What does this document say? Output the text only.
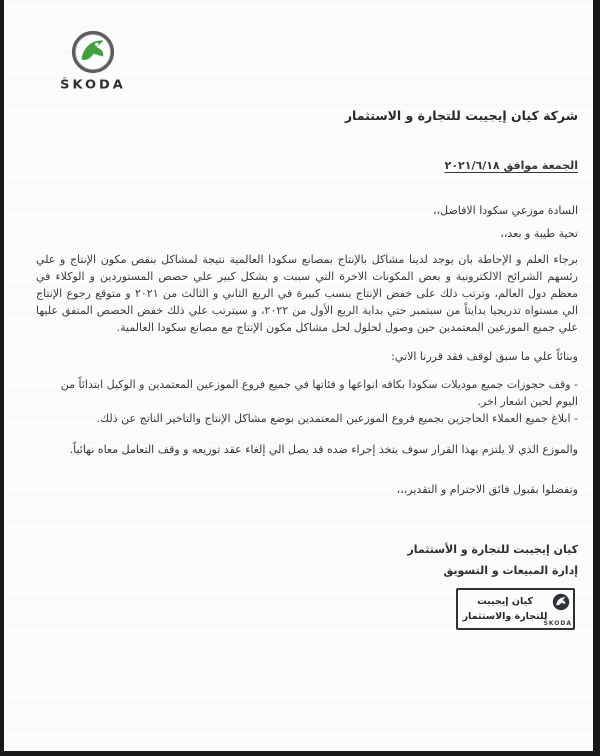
ŠKODA
شركة كيان إيجيبت للتجارة و الاستثمار
الجمعة موافق ٢٠٢١/٦/١٨
السادة موزعي سكودا الافاضل،،
تحية طيبة و بعد،،
برجاء العلم و الإحاطة بان يوجد لدينا مشاكل بالإنتاج بمصانع سكودا العالمية نتيجة لمشاكل بنقص مكون الإنتاج و علي رئسهم الشرائح الالكترونية و بعض المكونات الاخرة التي سببت و بشكل كبير علي حصص المستوردين و الوكلاء في معظم دول العالم، وترتب ذلك على خفض الإنتاج بنسب كبيرة في الربع الثاني و الثالث من ٢٠٢١ و متوقع رجوع الإنتاج الي مستواه تدريجيا بدايتاً من سبتمبر حتي بداية الربع الأول من ٢٠٢٢، و سيترتب علي ذلك خفض الحصص المتفق عليها علي جميع الموزعين المعتمدين حين وصول لحلول لحل مشاكل مكون الإنتاج مع مصانع سكودا العالمية.
وبنائاً علي ما سبق لوقف فقد قررنا الاتي:
- وقف حجوزات جميع موديلات سكودا بكافه انواعها و فئاتها في جميع فروع الموزعين المعتمدين و الوكيل ابتدائاً من اليوم لحين اشعار اخر.
- ابلاغ جميع العملاء الحاجزين بجميع فروع الموزعين المعتمدين بوضع مشاكل الإنتاج والتاخير الناتج عن ذلك.
والموزع الذي لا يلتزم بهذا القرار سوف يتخذ إجراء ضده قد يصل الي إلغاء عقد توزيعه و وقف التعامل معاه نهائياً.
وتفضلوا بقبول فائق الاحترام و التقدير،،،
كيان إيجيبت للتجارة و الأستثمار
إدارة المبيعات و التسويق
ŠKODA
كيان إيجيبت
للتجارة والاستثمار
